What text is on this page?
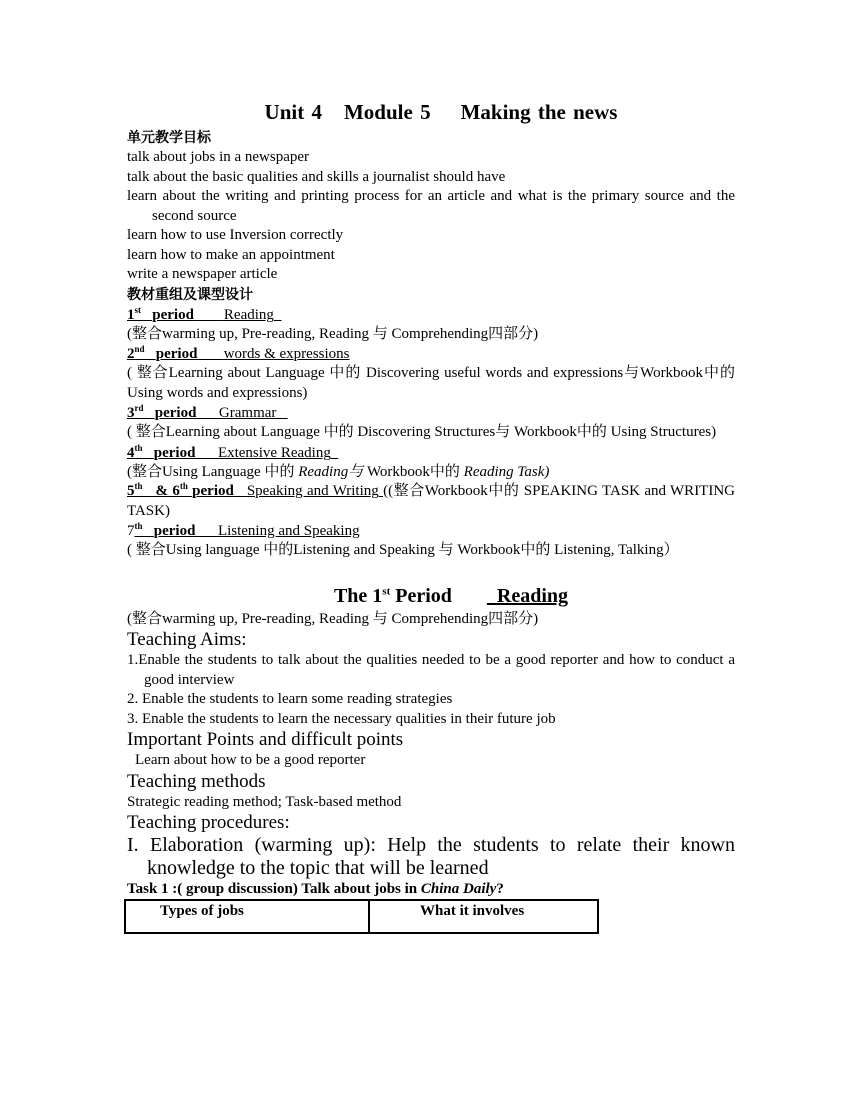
Unit 4 Module 5 Making the news

单元教学目标

talk about jobs in a newspaper

talk about the basic qualities and skills a journalist should have

learn about the writing and printing process for an article and what is the primary source and the second source

learn how to use Inversion correctly

learn how to make an appointment

write a newspaper article

教材重组及课型设计

1st period Reading

(整合warming up, Pre-reading, Reading 与 Comprehending四部分)

2nd period words & expressions

( 整合Learning about Language 中的 Discovering useful words and expressions与Workbook中的 Using words and expressions)

3rd period Grammar

( 整合Learning about Language 中的 Discovering Structures与 Workbook中的 Using Structures)

4th period Extensive Reading

(整合Using Language 中的 Reading与 Workbook中的 Reading Task)

5th & 6th period Speaking and Writing ((整合Workbook中的 SPEAKING TASK and WRITING TASK)

7th period Listening and Speaking

( 整合Using language 中的Listening and Speaking 与 Workbook中的 Listening, Talking）

The 1st Period Reading

(整合warming up, Pre-reading, Reading 与 Comprehending四部分)

Teaching Aims:

1.Enable the students to talk about the qualities needed to be a good reporter and how to conduct a good interview

2. Enable the students to learn some reading strategies

3. Enable the students to learn the necessary qualities in their future job

Important Points and difficult points

Learn about how to be a good reporter

Teaching methods

Strategic reading method; Task-based method

Teaching procedures:

I. Elaboration (warming up): Help the students to relate their known knowledge to the topic that will be learned

Task 1 :( group discussion) Talk about jobs in China Daily?

Types of jobs	What it involves
